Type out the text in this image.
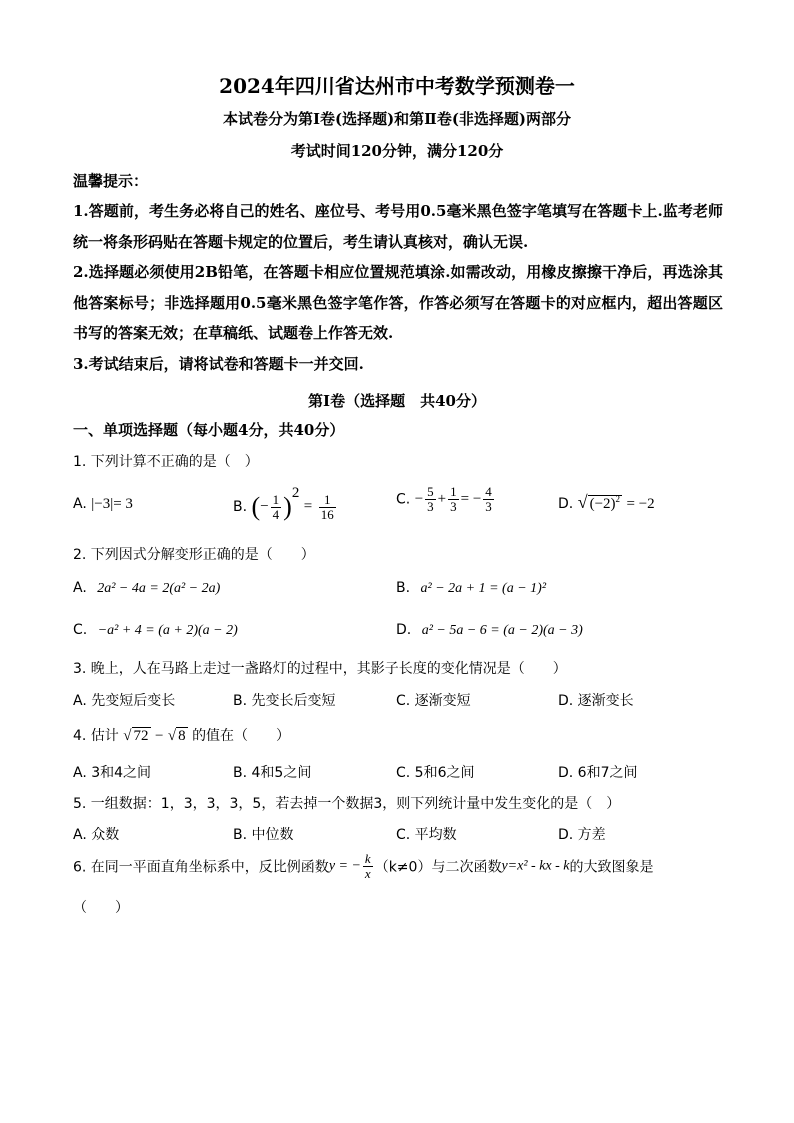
2024年四川省达州市中考数学预测卷一
本试卷分为第Ⅰ卷(选择题)和第Ⅱ卷(非选择题)两部分
考试时间120分钟，满分120分
温馨提示：

1.答题前，考生务必将自己的姓名、座位号、考号用0.5毫米黑色签字笔填写在答题卡上.监考老师统一将条形码贴在答题卡规定的位置后，考生请认真核对，确认无误.

2.选择题必须使用2B铅笔，在答题卡相应位置规范填涂.如需改动，用橡皮擦擦干净后，再选涂其他答案标号；非选择题用0.5毫米黑色签字笔作答，作答必须写在答题卡的对应框内，超出答题区书写的答案无效；在草稿纸、试题卷上作答无效.

3.考试结束后，请将试卷和答题卡一并交回.

第Ⅰ卷（选择题　共40分）
一、单项选择题（每小题4分，共40分）
1. 下列计算不正确的是（　）
A. |−3|= 3	B. (− $\frac{1}{4} )^2 = \frac{1}{16}$	C. − $\frac{5}{3} + \frac{1}{3}$ = − $\frac{4}{3}$	D. √ $(-2)^2 = -2$
2. 下列因式分解变形正确的是（　　）
A. 2a² − 4a = 2(a² − 2a)	B. a² − 2a + 1 = (a − 1)²
C. −a² + 4 = (a + 2)(a − 2)	D. a² − 5a − 6 = (a − 2)(a − 3)
3. 晚上，人在马路上走过一盏路灯的过程中，其影子长度的变化情况是（　　）
A. 先变短后变长	B. 先变长后变短	C. 逐渐变短	D. 逐渐变长
4. 估计 √ 72 − √ 8 的值在（　　）
A. 3和4之间	B. 4和5之间	C. 5和6之间	D. 6和7之间
5. 一组数据：1，3，3，3，5，若去掉一个数据3，则下列统计量中发生变化的是（　）
A. 众数	B. 中位数	C. 平均数	D. 方差
6. 在同一平面直角坐标系中，反比例函数y = − $\frac{k}{x} (k\ne 0)$与二次函数y=x² - kx - k的大致图象是
（　　）
